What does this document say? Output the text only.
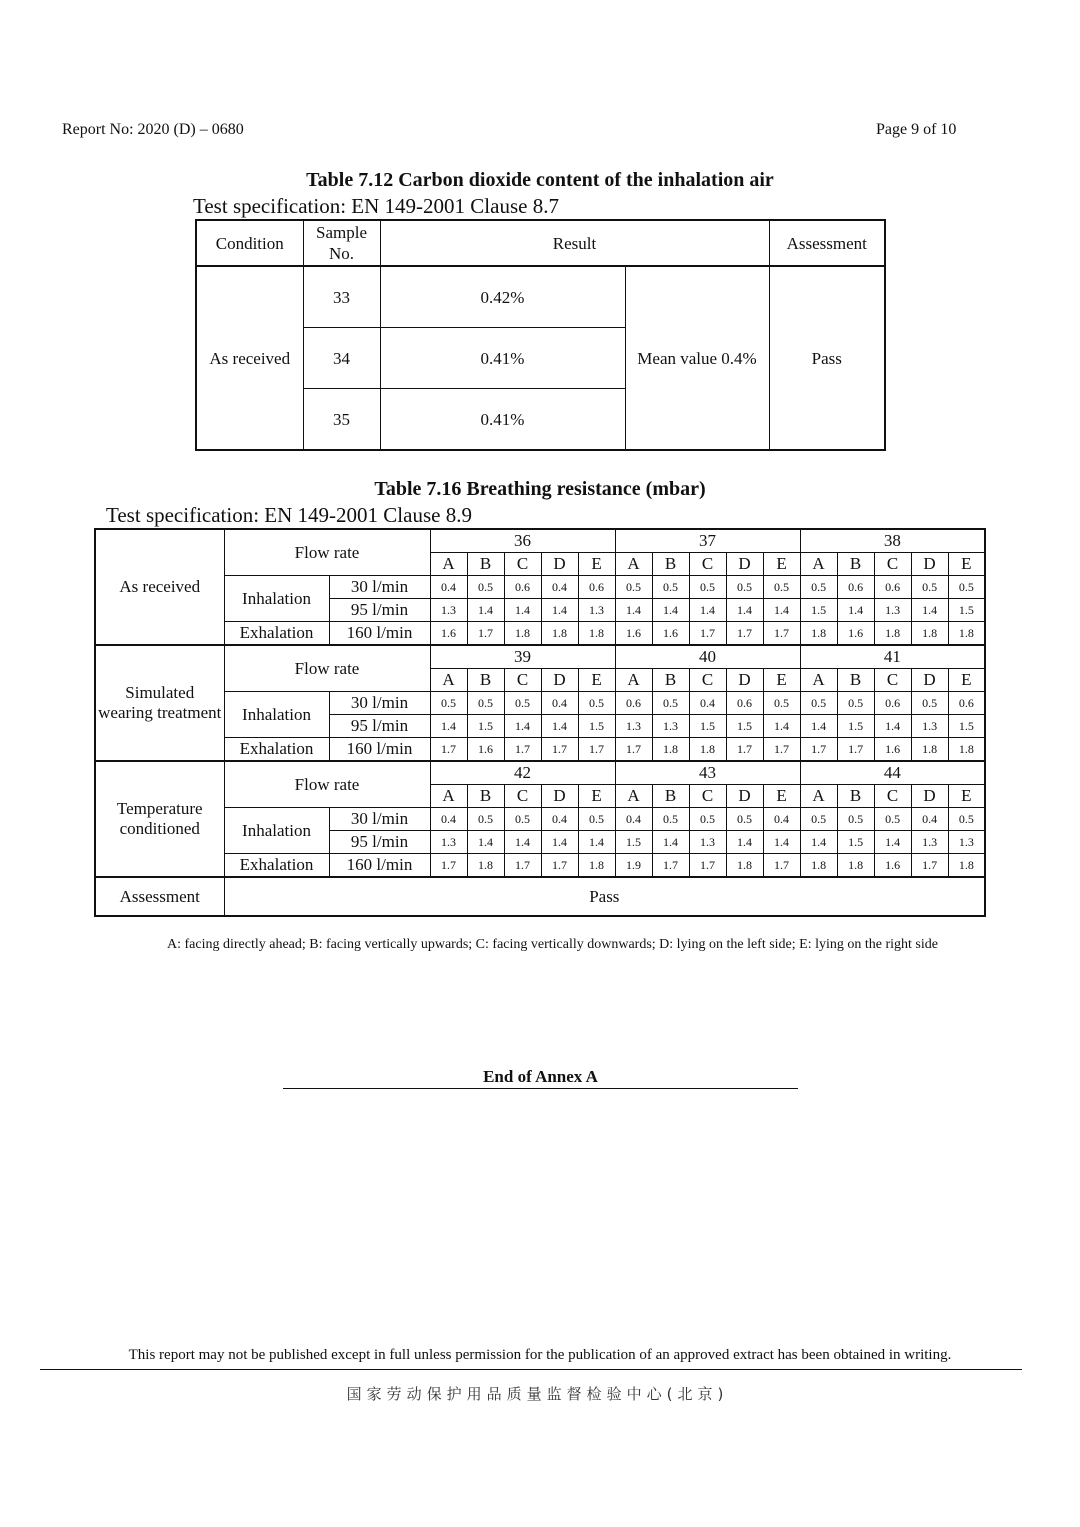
Report No: 2020 (D) – 0680	Page 9 of 10
Table 7.12 Carbon dioxide content of the inhalation air
Test specification: EN 149-2001 Clause 8.7
Condition	Sample No.	Result		Assessment
As received	33	0.42%	Mean value 0.4%	Pass
	34	0.41%		
	35	0.41%		
Table 7.16 Breathing resistance (mbar)
Test specification: EN 149-2001 Clause 8.9
As received	Flow rate		36					37					38				
			A	B	C	D	E	A	B	C	D	E	A	B	C	D	E
	Inhalation	30 l/min	0.4	0.5	0.6	0.4	0.6	0.5	0.5	0.5	0.5	0.5	0.5	0.6	0.6	0.5	0.5
		95 l/min	1.3	1.4	1.4	1.4	1.3	1.4	1.4	1.4	1.4	1.4	1.5	1.4	1.3	1.4	1.5
	Exhalation	160 l/min	1.6	1.7	1.8	1.8	1.8	1.6	1.6	1.7	1.7	1.7	1.8	1.6	1.8	1.8	1.8
Simulated wearing treatment	Flow rate		39					40					41				
			A	B	C	D	E	A	B	C	D	E	A	B	C	D	E
	Inhalation	30 l/min	0.5	0.5	0.5	0.4	0.5	0.6	0.5	0.4	0.6	0.5	0.5	0.5	0.6	0.5	0.6
		95 l/min	1.4	1.5	1.4	1.4	1.5	1.3	1.3	1.5	1.5	1.4	1.4	1.5	1.4	1.3	1.5
	Exhalation	160 l/min	1.7	1.6	1.7	1.7	1.7	1.7	1.8	1.8	1.7	1.7	1.7	1.7	1.6	1.8	1.8
Temperature conditioned	Flow rate		42					43					44				
			A	B	C	D	E	A	B	C	D	E	A	B	C	D	E
	Inhalation	30 l/min	0.4	0.5	0.5	0.4	0.5	0.4	0.5	0.5	0.5	0.4	0.5	0.5	0.5	0.4	0.5
		95 l/min	1.3	1.4	1.4	1.4	1.4	1.5	1.4	1.3	1.4	1.4	1.4	1.5	1.4	1.3	1.3
	Exhalation	160 l/min	1.7	1.8	1.7	1.7	1.8	1.9	1.7	1.7	1.8	1.7	1.8	1.8	1.6	1.7	1.8
Assessment	Pass																
A: facing directly ahead; B: facing vertically upwards; C: facing vertically downwards; D: lying on the left side; E: lying on the right side
End of Annex A
This report may not be published except in full unless permission for the publication of an approved extract has been obtained in writing.
国家劳动保护用品质量监督检验中心(北京)
